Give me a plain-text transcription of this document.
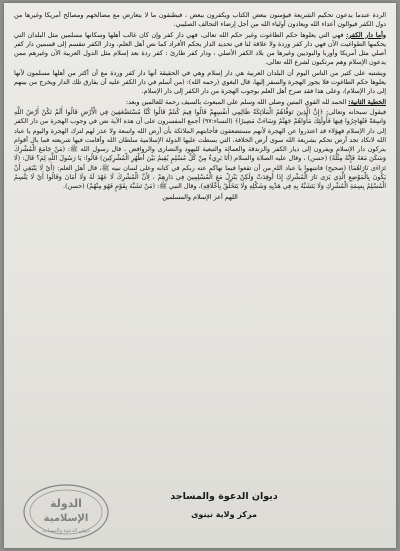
الردة عندما يدعون تحكيم الشريعة فيؤمنون ببعض الكتاب ويكفرون ببعض ، فيطبقون ما لا يتعارض مع مصالحهم ومصالح أمريكا وغيرها من دول الكفر فيوالون أعداء الله ويعادون أولياء الله من أجل إرضاء التحالف الصليبي.

وأما دار الكفر: فهي التي يعلوها حكم الطاغوت وغير حكم الله تعالى، فهي دار كفر وإن كان غالب أهلها وسكانها مسلمين مثل البلدان التي يحكمها الطواغيت الآن فهي دار كفر وردة ولا علاقة لنا في تحديد الدار بحكم الأفراد كما نص أهل العلم، ودار الكفر تنقسم إلى قسمين دار كفر أصلي مثل أمريكا وأوربا والبوذيين وغيرها من بلاد الكفر الأصلي ، ودار كفر طارئ : كفر ردة بعد إسلام مثل الدول العربية الآن وغيرهم ممن يدعون الإسلام وهم مرتكبون لشرع الله تعالى.

ويشتبه على كثير من الناس اليوم أن البلدان العربية هي دار إسلام وهي في الحقيقة أنها دار كفر وردة مع أن أكثر من أهلها مسلمون لأنها يعلوها حكم الطاغوت فلا يجوز الهجرة والسفر إليها، قال البغوي (رحمه الله): (من أسلم في دار الكفر عليه أن يفارق تلك الدار ويخرج من بينهم إلى دار الإسلام)، وعلى هذا فقد صرح أهل العلم بوجوب الهجرة من دار الكفر إلى دار الإسلام.

الخطبة الثانية: الحمد لله القوي المتين وصلى الله وسلم على المبعوث بالسيف رحمة للعالمين وبعد:

فيقول سبحانه وتعالى: ﴿إِنَّ الَّذِينَ تَوَفَّاهُمُ الْمَلَائِكَةُ ظَالِمِي أَنفُسِهِمْ قَالُوا فِيمَ كُنتُمْ قَالُوا كُنَّا مُسْتَضْعَفِينَ فِي الْأَرْضِ قَالُوا أَلَمْ تَكُنْ أَرْضُ اللَّهِ وَاسِعَةً فَتُهَاجِرُوا فِيهَا فَأُولَٰئِكَ مَأْوَاهُمْ جَهَنَّمُ وَسَاءَتْ مَصِيرًا﴾ (النساء:٩٧) أجمع المفسرون على أن هذه الآية نص في وجوب الهجرة من دار الكفر إلى دار الإسلام فهؤلاء قد اعتذروا عن الهجرة لأنهم مستضعفون فأجابتهم الملائكة بأن أرض الله واسعة ولا عذر لهم لترك الهجرة واليوم يا عباد الله لانكاد تجد أرض تحكم بشريعة الله سوى أرض الخلافة، التي بسطت عليها الدولة الإسلامية سلطان الله وأقامت فيها شريعته فما بال أقوام يتركون دار الإسلام ويفرون إلى ديار الكفر والزندقة والعمالة والتبعية لليهود والنصارى والروافض ، قال رسول الله ﷺ: (مَنْ جَامَعَ الْمُشْرِكَ وَسَكَنَ مَعَهُ فَإِنَّهُ مِثْلُهُ) (حسن) ، وقال عليه الصلاة والسلام (أَنَا بَرِيءٌ مِنْ كُلِّ مُسْلِمٍ يُقِيمُ بَيْنَ أَظْهُرِ الْمُشْرِكِينَ) قَالُوا: يَا رَسُولَ اللَّهِ لِمَ؟ قَالَ: (لَا تَرَاءَى نَارَاهُمَا) (صحيح) فانتبهوا يا عباد الله من أن تقعوا فيما نهاكم عنه ربكم في كتابه وعلى لسان نبيه ﷺ، قال أهل العلم: (أَيْ لَا يَنْبَغِي أَنْ يَكُونَ بِالْمَوْضِعِ الَّذِي يَرَى نَارَ الْمُشْرِكِ إِذَا أُوقِدَتْ وَلَكِنْ يَنْزِلُ مَعَ الْمُسْلِمِينَ فِي دَارِهِمْ ، لِأَنَّ الْمُشْرِكَ لَا عَهْدَ لَهُ وَلَا أَمَانَ وَقَالُوا أَيْ لَا يَتَّسِمُ الْمُسْلِمُ بِسِمَةِ الْمُشْرِكِ وَلَا يَتَشَبَّهُ بِهِ فِي هَدْيِهِ وَشَكْلِهِ وَلَا يَتَخَلَّقُ بِأَخْلَاقِهِ)، وقال النبي ﷺ: (مَنْ تَشَبَّهَ بِقَوْمٍ فَهُوَ مِنْهُمْ) (حسن).

اللهم أعز الإسلام والمسلمين

الدولة
الإسلامية
ديوان الدعوة والمساجد
ديوان الدعوة والمساجد
مركز ولاية نينوى
